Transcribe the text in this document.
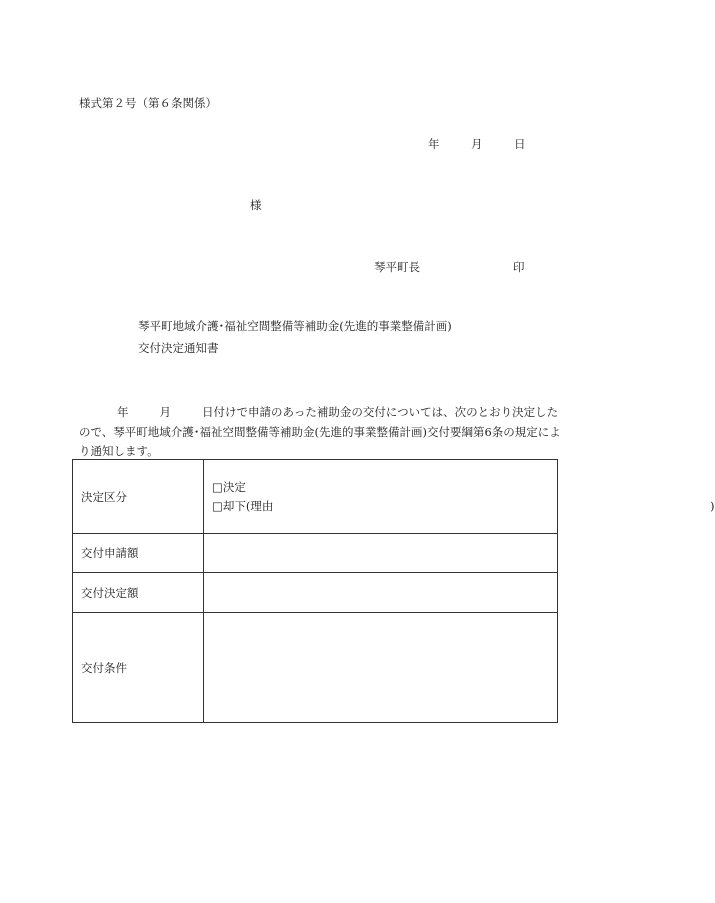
様式第２号（第６条関係）
年	月	日
様
琴平町長	印
琴平町地域介護･福祉空間整備等補助金(先進的事業整備計画)
交付決定通知書
年	月	日付けで申請のあった補助金の交付については、次のとおり決定したので、琴平町地域介護･福祉空間整備等補助金(先進的事業整備計画)交付要綱第6条の規定により通知します。
決定区分	□決定
□却下(理由 )

交付申請額	
交付決定額	
交付条件	
